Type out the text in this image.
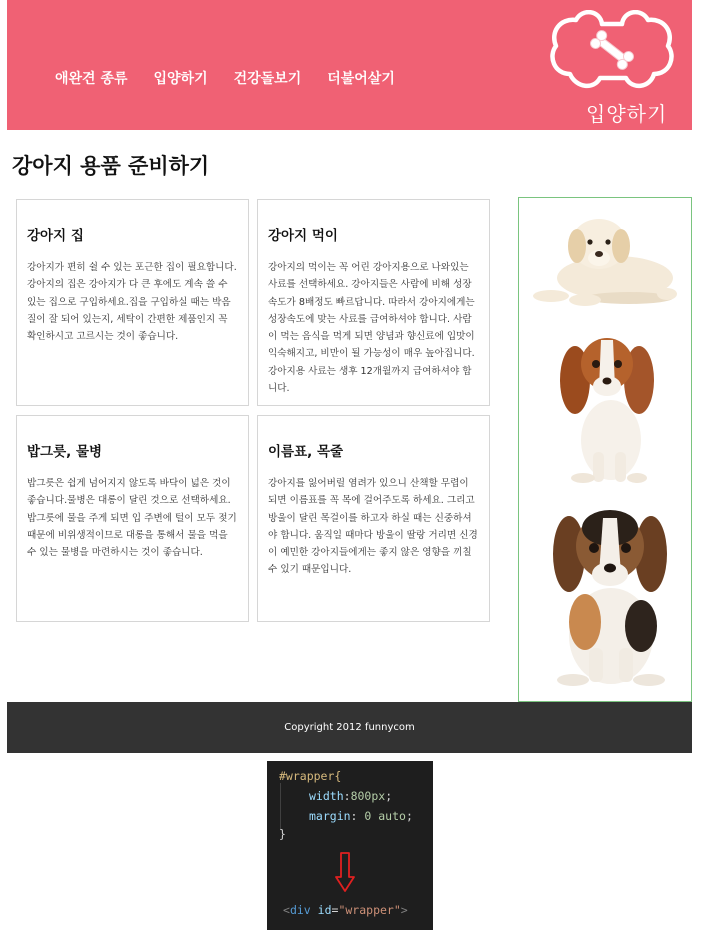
애완견 종류 입양하기 건강돌보기 더불어살기
입양하기
강아지 용품 준비하기
강아지 집

강아지가 편히 쉴 수 있는 포근한 집이 필요합니다. 강아지의 집은 강아지가 다 큰 후에도 계속 쓸 수 있는 집으로 구입하세요.집을 구입하실 때는 박음질이 잘 되어 있는지, 세탁이 간편한 제품인지 꼭 확인하시고 고르시는 것이 좋습니다.

강아지 먹이

강아지의 먹이는 꼭 어린 강아지용으로 나와있는 사료를 선택하세요. 강아지들은 사람에 비해 성장속도가 8배정도 빠르답니다. 따라서 강아지에게는 성장속도에 맞는 사료를 급여하셔야 합니다. 사람이 먹는 음식을 먹게 되면 양념과 향신료에 입맛이 익숙해지고, 비만이 될 가능성이 매우 높아집니다. 강아지용 사료는 생후 12개월까지 급여하셔야 합니다.

밥그릇, 물병

밥그릇은 쉽게 넘어지지 않도록 바닥이 넓은 것이 좋습니다.물병은 대롱이 달린 것으로 선택하세요. 밥그릇에 물을 주게 되면 입 주변에 털이 모두 젖기 때문에 비위생적이므로 대롱을 통해서 물을 먹을 수 있는 물병을 마련하시는 것이 좋습니다.

이름표, 목줄

강아지를 잃어버릴 염려가 있으니 산책할 무렵이 되면 이름표를 꼭 목에 걸어주도록 하세요. 그리고 방울이 달린 목걸이를 하고자 하실 때는 신중하셔야 합니다. 움직일 때마다 방울이 딸랑 거리면 신경이 예민한 강아지들에게는 좋지 않은 영향을 끼칠 수 있기 때문입니다.

Copyright 2012 funnycom
#wrapper{
width:800px;
margin: 0 auto;
}
<div id="wrapper">
